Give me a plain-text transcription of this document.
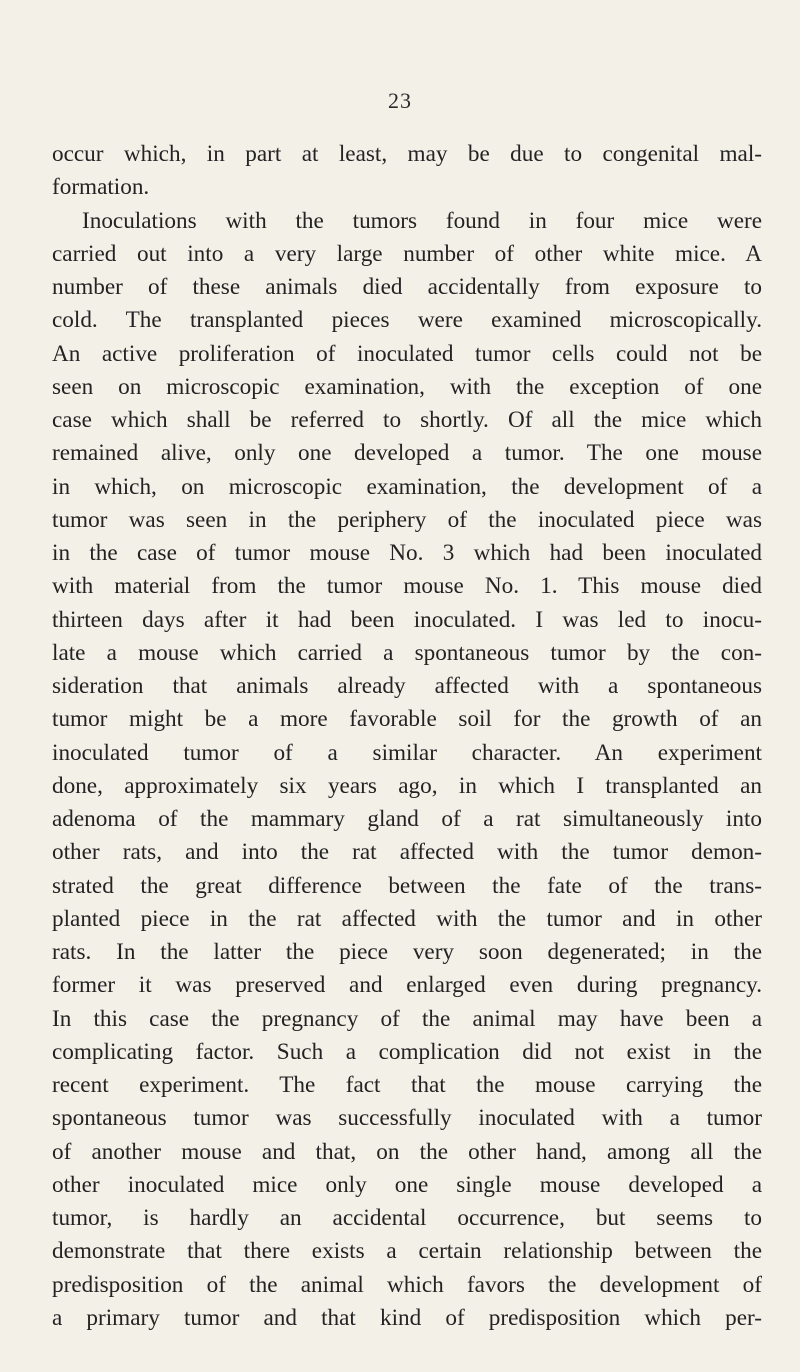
23
occur which, in part at least, may be due to congenital mal-
formation.
Inoculations with the tumors found in four mice were
carried out into a very large number of other white mice. A
number of these animals died accidentally from exposure to
cold. The transplanted pieces were examined microscopically.
An active proliferation of inoculated tumor cells could not be
seen on microscopic examination, with the exception of one
case which shall be referred to shortly. Of all the mice which
remained alive, only one developed a tumor. The one mouse
in which, on microscopic examination, the development of a
tumor was seen in the periphery of the inoculated piece was
in the case of tumor mouse No. 3 which had been inoculated
with material from the tumor mouse No. 1. This mouse died
thirteen days after it had been inoculated. I was led to inocu-
late a mouse which carried a spontaneous tumor by the con-
sideration that animals already affected with a spontaneous
tumor might be a more favorable soil for the growth of an
inoculated tumor of a similar character. An experiment
done, approximately six years ago, in which I transplanted an
adenoma of the mammary gland of a rat simultaneously into
other rats, and into the rat affected with the tumor demon-
strated the great difference between the fate of the trans-
planted piece in the rat affected with the tumor and in other
rats. In the latter the piece very soon degenerated; in the
former it was preserved and enlarged even during pregnancy.
In this case the pregnancy of the animal may have been a
complicating factor. Such a complication did not exist in the
recent experiment. The fact that the mouse carrying the
spontaneous tumor was successfully inoculated with a tumor
of another mouse and that, on the other hand, among all the
other inoculated mice only one single mouse developed a
tumor, is hardly an accidental occurrence, but seems to
demonstrate that there exists a certain relationship between the
predisposition of the animal which favors the development of
a primary tumor and that kind of predisposition which per-
